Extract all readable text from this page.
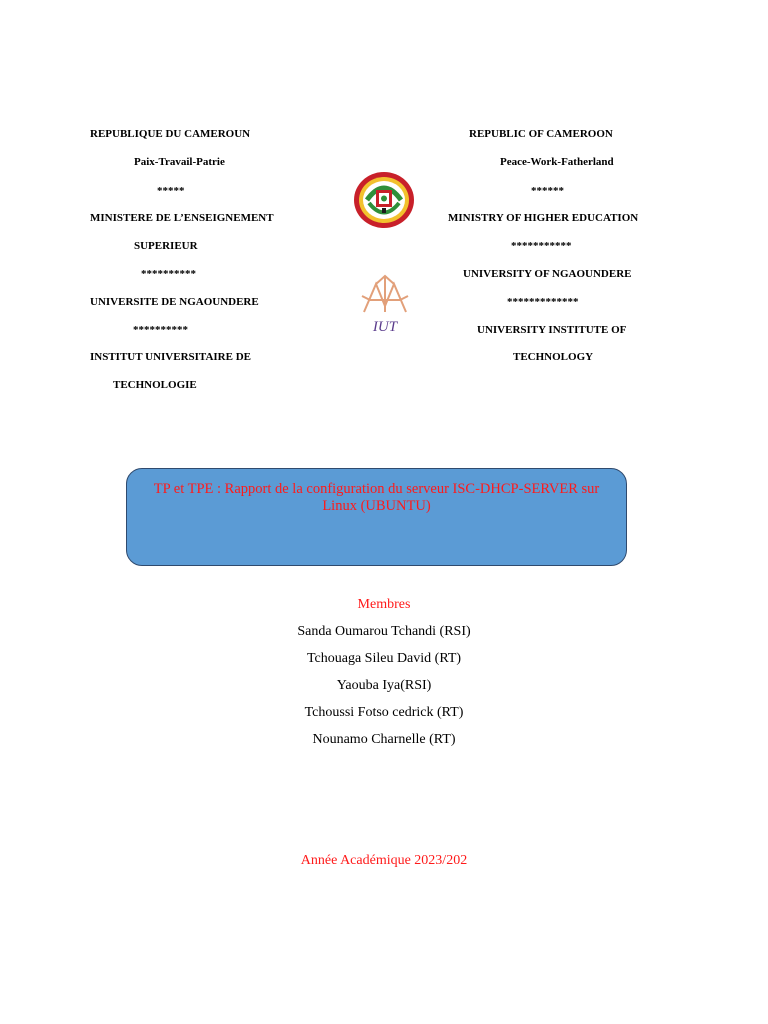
REPUBLIQUE DU CAMEROUN
Paix-Travail-Patrie
*****
MINISTERE DE L’ENSEIGNEMENT
SUPERIEUR
**********
UNIVERSITE DE NGAOUNDERE
**********
INSTITUT UNIVERSITAIRE DE
TECHNOLOGIE
REPUBLIC OF CAMEROON
Peace-Work-Fatherland
******
MINISTRY OF HIGHER EDUCATION
***********
UNIVERSITY OF NGAOUNDERE
*************
UNIVERSITY INSTITUTE OF
TECHNOLOGY
IUT
TP et TPE : Rapport de la configuration du serveur ISC-DHCP-SERVER sur
Linux (UBUNTU)
Membres
Sanda Oumarou Tchandi (RSI)
Tchouaga Sileu David (RT)
Yaouba Iya(RSI)
Tchoussi Fotso cedrick (RT)
Nounamo Charnelle (RT)
Année Académique 2023/202
